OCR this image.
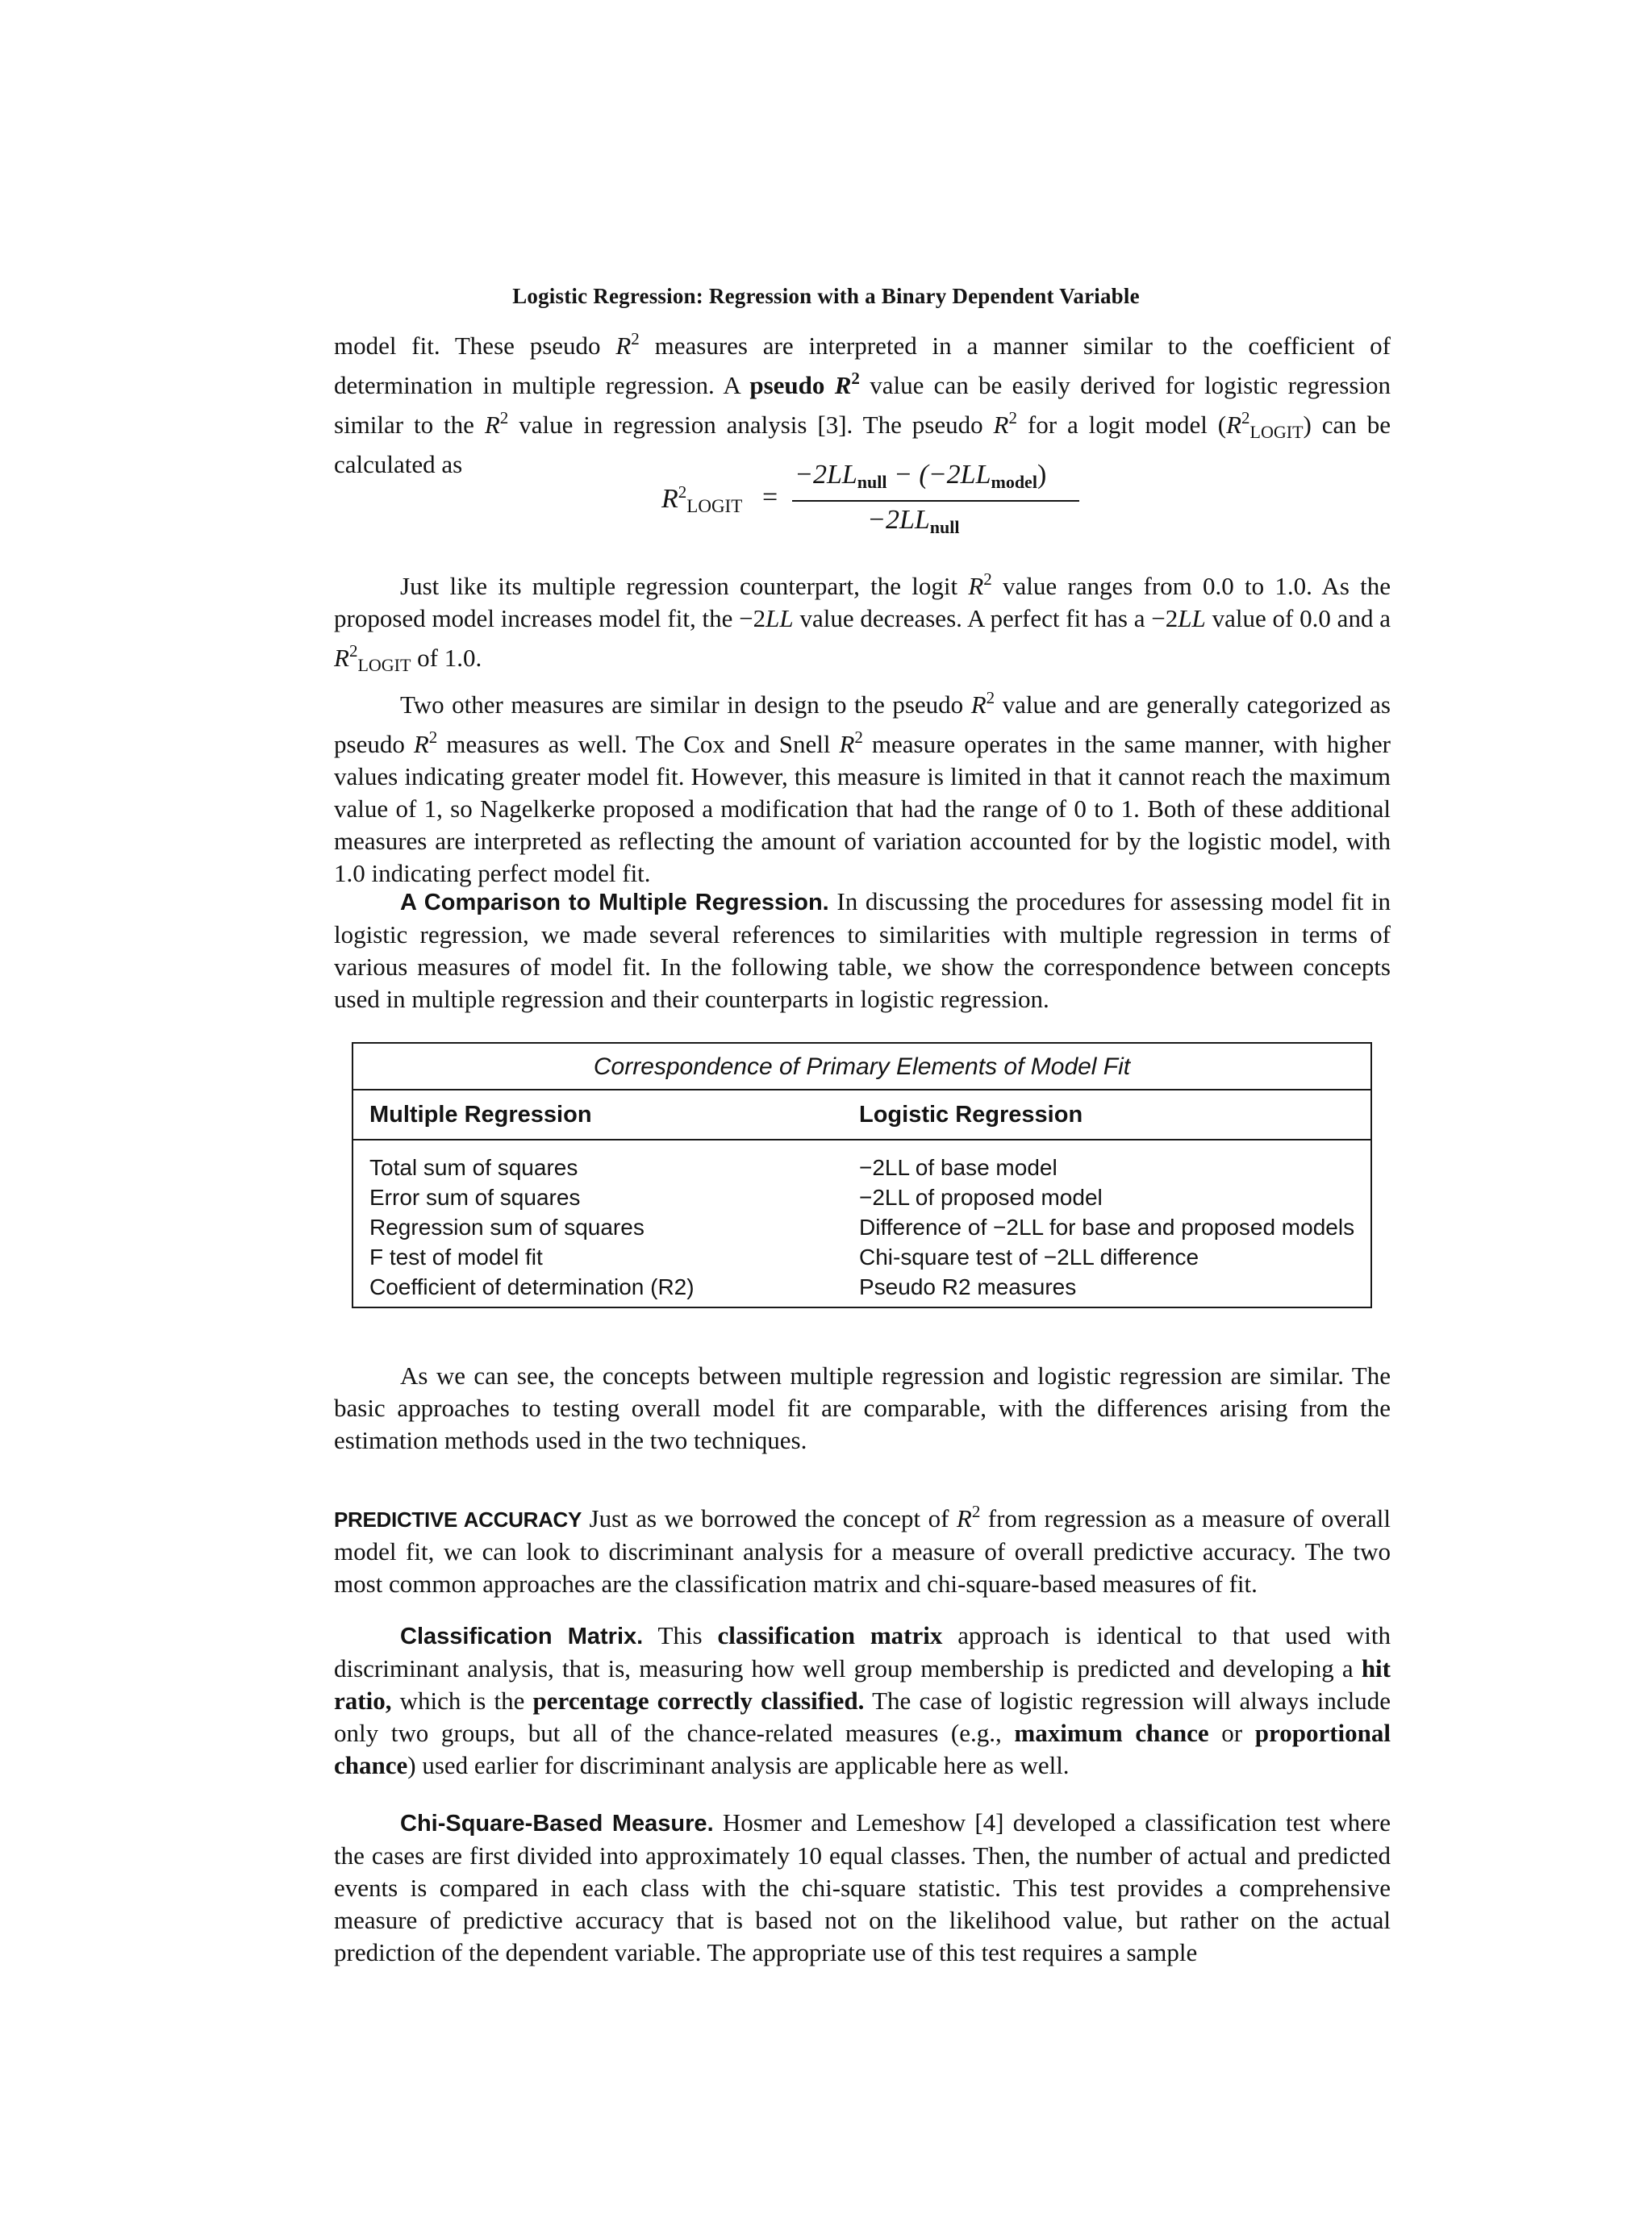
Logistic Regression: Regression with a Binary Dependent Variable

model fit. These pseudo $R^2$ measures are interpreted in a manner similar to the coefficient of determination in multiple regression. A pseudo $R^2$ value can be easily derived for logistic regression similar to the $R^2$ value in regression analysis [3]. The pseudo $R^2$ for a logit model $(R^2_{LOGIT})$ can be calculated as

$R^2_{LOGIT}$ =
$-2LL_{null} - (-2LL_{model})$
$-2LL_{null}$

Just like its multiple regression counterpart, the logit $R^2$ value ranges from 0.0 to 1.0. As the proposed model increases model fit, the −2LL value decreases. A perfect fit has a −2LL value of 0.0 and a $R^2_{LOGIT}$ of 1.0.

Two other measures are similar in design to the pseudo $R^2$ value and are generally categorized as pseudo $R^2$ measures as well. The Cox and Snell $R^2$ measure operates in the same manner, with higher values indicating greater model fit. However, this measure is limited in that it cannot reach the maximum value of 1, so Nagelkerke proposed a modification that had the range of 0 to 1. Both of these additional measures are interpreted as reflecting the amount of variation accounted for by the logistic model, with 1.0 indicating perfect model fit.

A Comparison to Multiple Regression. In discussing the procedures for assessing model fit in logistic regression, we made several references to similarities with multiple regression in terms of various measures of model fit. In the following table, we show the correspondence between concepts used in multiple regression and their counterparts in logistic regression.

Correspondence of Primary Elements of Model Fit
Multiple Regression	Logistic Regression
Total sum of squares
Error sum of squares
Regression sum of squares
F test of model fit
Coefficient of determination (R2)
−2LL of base model
−2LL of proposed model
Difference of −2LL for base and proposed models
Chi-square test of −2LL difference
Pseudo R2 measures

As we can see, the concepts between multiple regression and logistic regression are similar. The basic approaches to testing overall model fit are comparable, with the differences arising from the estimation methods used in the two techniques.

PREDICTIVE ACCURACY Just as we borrowed the concept of $R^2$ from regression as a measure of overall model fit, we can look to discriminant analysis for a measure of overall predictive accuracy. The two most common approaches are the classification matrix and chi-square-based measures of fit.

Classification Matrix. This classification matrix approach is identical to that used with discriminant analysis, that is, measuring how well group membership is predicted and developing a hit ratio, which is the percentage correctly classified. The case of logistic regression will always include only two groups, but all of the chance-related measures (e.g., maximum chance or proportional chance) used earlier for discriminant analysis are applicable here as well.

Chi-Square-Based Measure. Hosmer and Lemeshow [4] developed a classification test where the cases are first divided into approximately 10 equal classes. Then, the number of actual and predicted events is compared in each class with the chi-square statistic. This test provides a comprehensive measure of predictive accuracy that is based not on the likelihood value, but rather on the actual prediction of the dependent variable. The appropriate use of this test requires a sample
